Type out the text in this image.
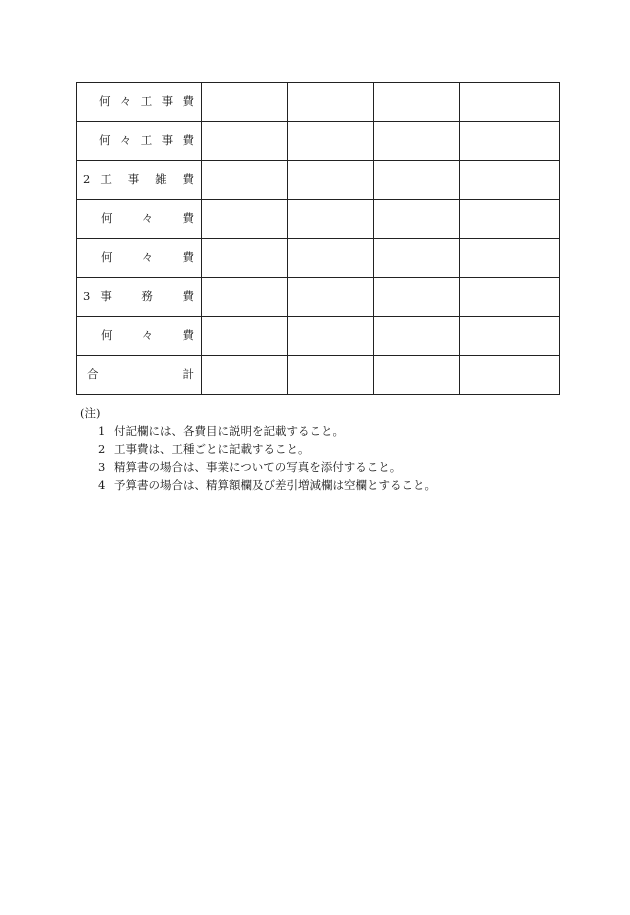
何 々 工 事 費				

何 々 工 事 費				

2 工 事 雑 費				

何 々 費				

何 々 費				

3 事 務 費				

何 々 費				

合 計				

(注)
1 付記欄には、各費目に説明を記載すること。
2 工事費は、工種ごとに記載すること。
3 精算書の場合は、事業についての写真を添付すること。
4 予算書の場合は、精算額欄及び差引増減欄は空欄とすること。
